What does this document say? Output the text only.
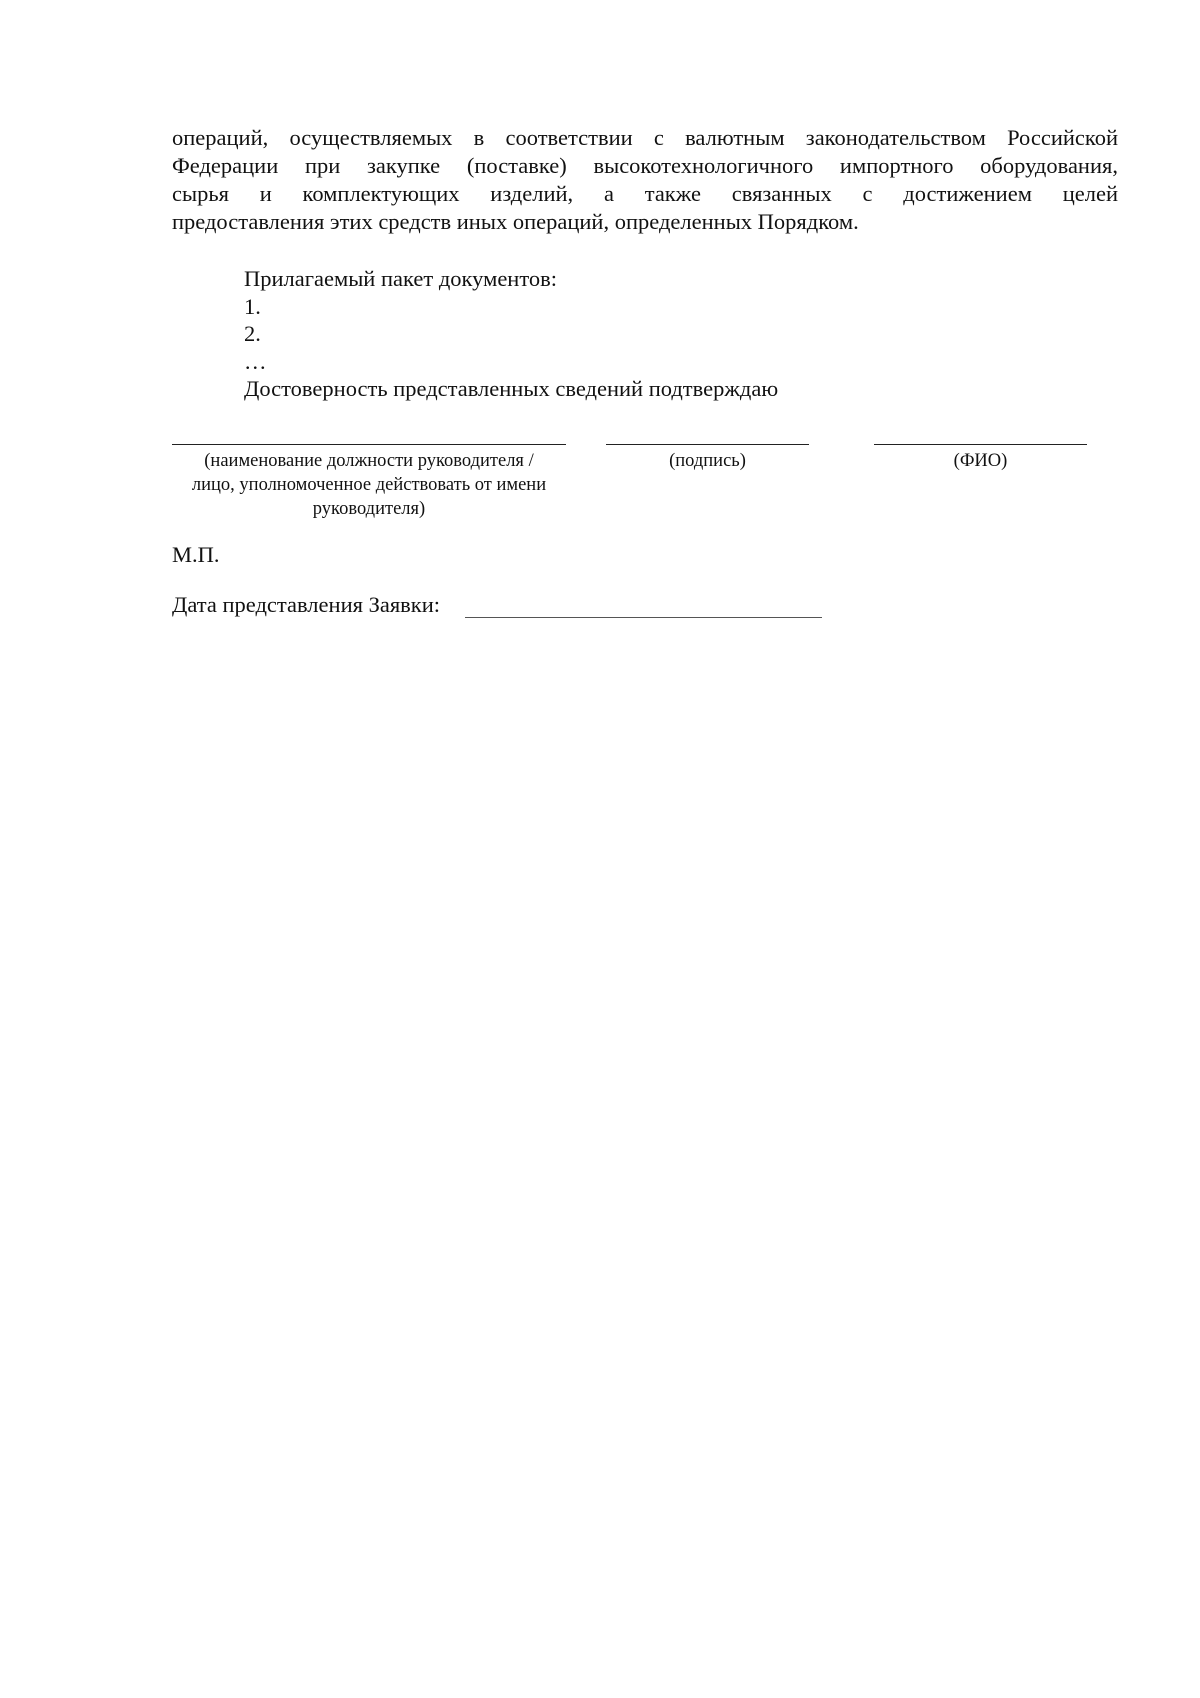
операций, осуществляемых в соответствии с валютным законодательством Российской
Федерации при закупке (поставке) высокотехнологичного импортного оборудования,
сырья и комплектующих изделий, а также связанных с достижением целей
предоставления этих средств иных операций, определенных Порядком.
Прилагаемый пакет документов:
1.
2.
…
Достоверность представленных сведений подтверждаю
(наименование должности руководителя /
лицо, уполномоченное действовать от имени
руководителя)
(подпись)	(ФИО)
М.П.
Дата представления Заявки:
